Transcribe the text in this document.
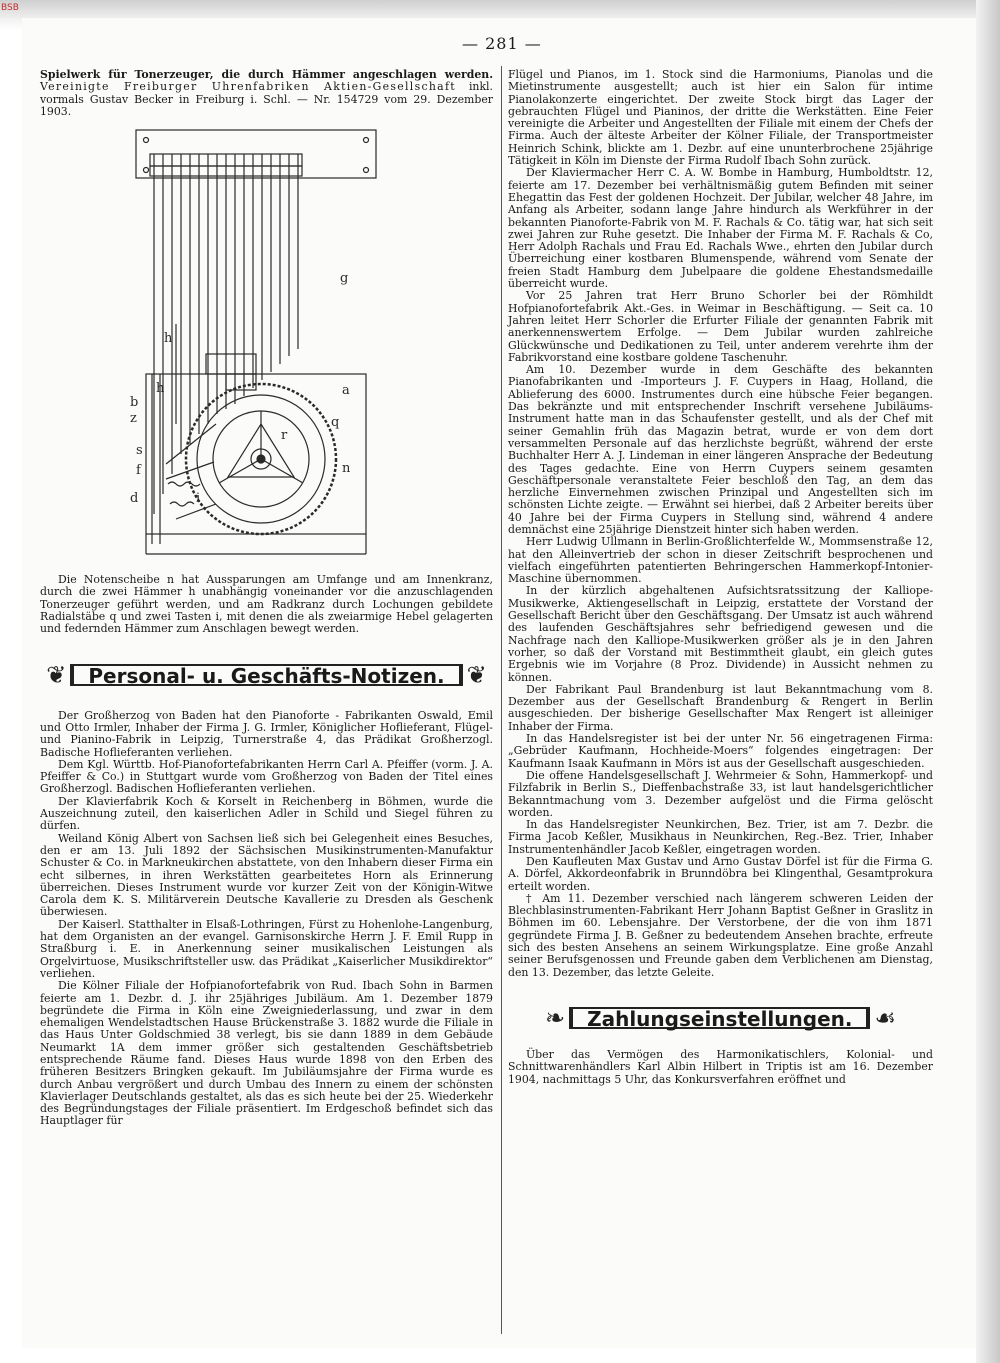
BSB
— 281 —

Spielwerk für Tonerzeuger, die durch Hämmer angeschlagen werden. Vereinigte Freiburger Uhrenfabriken Aktien-Gesellschaft inkl. vormals Gustav Becker in Freiburg i. Schl. — Nr. 154729 vom 29. Dezember 1903.

g
h
h	a
b
z
r
q
n
s
f
d	i

Die Notenscheibe n hat Aussparungen am Umfange und am Innenkranz, durch die zwei Hämmer h unabhängig voneinander vor die anzuschlagenden Tonerzeuger geführt werden, und am Radkranz durch Lochungen gebildete Radialstäbe q und zwei Tasten i, mit denen die als zweiarmige Hebel gelagerten und federnden Hämmer zum Anschlagen bewegt werden.

❦	Personal- u. Geschäfts-Notizen. ❦

Der Großherzog von Baden hat den Pianoforte - Fabrikanten Oswald, Emil und Otto Irmler, Inhaber der Firma J. G. Irmler, Königlicher Hoflieferant, Flügel- und Pianino-Fabrik in Leipzig, Turnerstraße 4, das Prädikat Großherzogl. Badische Hoflieferanten verliehen.

Dem Kgl. Württb. Hof-Pianofortefabrikanten Herrn Carl A. Pfeiffer (vorm. J. A. Pfeiffer & Co.) in Stuttgart wurde vom Großherzog von Baden der Titel eines Großherzogl. Badischen Hoflieferanten verliehen.

Der Klavierfabrik Koch & Korselt in Reichenberg in Böhmen, wurde die Auszeichnung zuteil, den kaiserlichen Adler in Schild und Siegel führen zu dürfen.

Weiland König Albert von Sachsen ließ sich bei Gelegenheit eines Besuches, den er am 13. Juli 1892 der Sächsischen Musikinstrumenten-Manufaktur Schuster & Co. in Markneukirchen abstattete, von den Inhabern dieser Firma ein echt silbernes, in ihren Werkstätten gearbeitetes Horn als Erinnerung überreichen. Dieses Instrument wurde vor kurzer Zeit von der Königin-Witwe Carola dem K. S. Militärverein Deutsche Kavallerie zu Dresden als Geschenk überwiesen.

Der Kaiserl. Statthalter in Elsaß-Lothringen, Fürst zu Hohenlohe-Langenburg, hat dem Organisten an der evangel. Garnisonskirche Herrn J. F. Emil Rupp in Straßburg i. E. in Anerkennung seiner musikalischen Leistungen als Orgelvirtuose, Musikschriftsteller usw. das Prädikat „Kaiserlicher Musikdirektor“ verliehen.

Die Kölner Filiale der Hofpianofortefabrik von Rud. Ibach Sohn in Barmen feierte am 1. Dezbr. d. J. ihr 25jähriges Jubiläum. Am 1. Dezember 1879 begründete die Firma in Köln eine Zweigniederlassung, und zwar in dem ehemaligen Wendelstadtschen Hause Brückenstraße 3. 1882 wurde die Filiale in das Haus Unter Goldschmied 38 verlegt, bis sie dann 1889 in dem Gebäude Neumarkt 1A dem immer größer sich gestaltenden Geschäftsbetrieb entsprechende Räume fand. Dieses Haus wurde 1898 von den Erben des früheren Besitzers Bringken gekauft. Im Jubiläumsjahre der Firma wurde es durch Anbau vergrößert und durch Umbau des Innern zu einem der schönsten Klavierlager Deutschlands gestaltet, als das es sich heute bei der 25. Wiederkehr des Begründungstages der Filiale präsentiert. Im Erdgeschoß befindet sich das Hauptlager für

Flügel und Pianos, im 1. Stock sind die Harmoniums, Pianolas und die Mietinstrumente ausgestellt; auch ist hier ein Salon für intime Pianolakonzerte eingerichtet. Der zweite Stock birgt das Lager der gebrauchten Flügel und Pianinos, der dritte die Werkstätten. Eine Feier vereinigte die Arbeiter und Angestellten der Filiale mit einem der Chefs der Firma. Auch der älteste Arbeiter der Kölner Filiale, der Transportmeister Heinrich Schink, blickte am 1. Dezbr. auf eine ununterbrochene 25jährige Tätigkeit in Köln im Dienste der Firma Rudolf Ibach Sohn zurück.

Der Klaviermacher Herr C. A. W. Bombe in Hamburg, Humboldtstr. 12, feierte am 17. Dezember bei verhältnismäßig gutem Befinden mit seiner Ehegattin das Fest der goldenen Hochzeit. Der Jubilar, welcher 48 Jahre, im Anfang als Arbeiter, sodann lange Jahre hindurch als Werkführer in der bekannten Pianoforte-Fabrik von M. F. Rachals & Co. tätig war, hat sich seit zwei Jahren zur Ruhe gesetzt. Die Inhaber der Firma M. F. Rachals & Co, Herr Adolph Rachals und Frau Ed. Rachals Wwe., ehrten den Jubilar durch Überreichung einer kostbaren Blumenspende, während vom Senate der freien Stadt Hamburg dem Jubelpaare die goldene Ehestandsmedaille überreicht wurde.

Vor 25 Jahren trat Herr Bruno Schorler bei der Römhildt Hofpianofortefabrik Akt.-Ges. in Weimar in Beschäftigung. — Seit ca. 10 Jahren leitet Herr Schorler die Erfurter Filiale der genannten Fabrik mit anerkennenswertem Erfolge. — Dem Jubilar wurden zahlreiche Glückwünsche und Dedikationen zu Teil, unter anderem verehrte ihm der Fabrikvorstand eine kostbare goldene Taschenuhr.

Am 10. Dezember wurde in dem Geschäfte des bekannten Pianofabrikanten und -Importeurs J. F. Cuypers in Haag, Holland, die Ablieferung des 6000. Instrumentes durch eine hübsche Feier begangen. Das bekränzte und mit entsprechender Inschrift versehene Jubiläums-Instrument hatte man in das Schaufenster gestellt, und als der Chef mit seiner Gemahlin früh das Magazin betrat, wurde er von dem dort versammelten Personale auf das herzlichste begrüßt, während der erste Buchhalter Herr A. J. Lindeman in einer längeren Ansprache der Bedeutung des Tages gedachte. Eine von Herrn Cuypers seinem gesamten Geschäftpersonale veranstaltete Feier beschloß den Tag, an dem das herzliche Einvernehmen zwischen Prinzipal und Angestellten sich im schönsten Lichte zeigte. — Erwähnt sei hierbei, daß 2 Arbeiter bereits über 40 Jahre bei der Firma Cuypers in Stellung sind, während 4 andere demnächst eine 25jährige Dienstzeit hinter sich haben werden.

Herr Ludwig Ullmann in Berlin-Großlichterfelde W., Mommsenstraße 12, hat den Alleinvertrieb der schon in dieser Zeitschrift besprochenen und vielfach eingeführten patentierten Behringerschen Hammerkopf-Intonier-Maschine übernommen.

In der kürzlich abgehaltenen Aufsichtsratssitzung der Kalliope-Musikwerke, Aktiengesellschaft in Leipzig, erstattete der Vorstand der Gesellschaft Bericht über den Geschäftsgang. Der Umsatz ist auch während des laufenden Geschäftsjahres sehr befriedigend gewesen und die Nachfrage nach den Kalliope-Musikwerken größer als je in den Jahren vorher, so daß der Vorstand mit Bestimmtheit glaubt, ein gleich gutes Ergebnis wie im Vorjahre (8 Proz. Dividende) in Aussicht nehmen zu können.

Der Fabrikant Paul Brandenburg ist laut Bekanntmachung vom 8. Dezember aus der Gesellschaft Brandenburg & Rengert in Berlin ausgeschieden. Der bisherige Gesellschafter Max Rengert ist alleiniger Inhaber der Firma.

In das Handelsregister ist bei der unter Nr. 56 eingetragenen Firma: „Gebrüder Kaufmann, Hochheide-Moers“ folgendes eingetragen: Der Kaufmann Isaak Kaufmann in Mörs ist aus der Gesellschaft ausgeschieden.

Die offene Handelsgesellschaft J. Wehrmeier & Sohn, Hammerkopf- und Filzfabrik in Berlin S., Dieffenbachstraße 33, ist laut handelsgerichtlicher Bekanntmachung vom 3. Dezember aufgelöst und die Firma gelöscht worden.

In das Handelsregister Neunkirchen, Bez. Trier, ist am 7. Dezbr. die Firma Jacob Keßler, Musikhaus in Neunkirchen, Reg.-Bez. Trier, Inhaber Instrumentenhändler Jacob Keßler, eingetragen worden.

Den Kaufleuten Max Gustav und Arno Gustav Dörfel ist für die Firma G. A. Dörfel, Akkordeonfabrik in Brunndöbra bei Klingenthal, Gesamtprokura erteilt worden.

† Am 11. Dezember verschied nach längerem schweren Leiden der Blechblasinstrumenten-Fabrikant Herr Johann Baptist Geßner in Graslitz in Böhmen im 60. Lebensjahre. Der Verstorbene, der die von ihm 1871 gegründete Firma J. B. Geßner zu bedeutendem Ansehen brachte, erfreute sich des besten Ansehens an seinem Wirkungsplatze. Eine große Anzahl seiner Berufsgenossen und Freunde gaben dem Verblichenen am Dienstag, den 13. Dezember, das letzte Geleite.

❧	Zahlungseinstellungen. ☙

Über das Vermögen des Harmonikatischlers, Kolonial- und Schnittwarenhändlers Karl Albin Hilbert in Triptis ist am 16. Dezember 1904, nachmittags 5 Uhr, das Konkursverfahren eröffnet und
